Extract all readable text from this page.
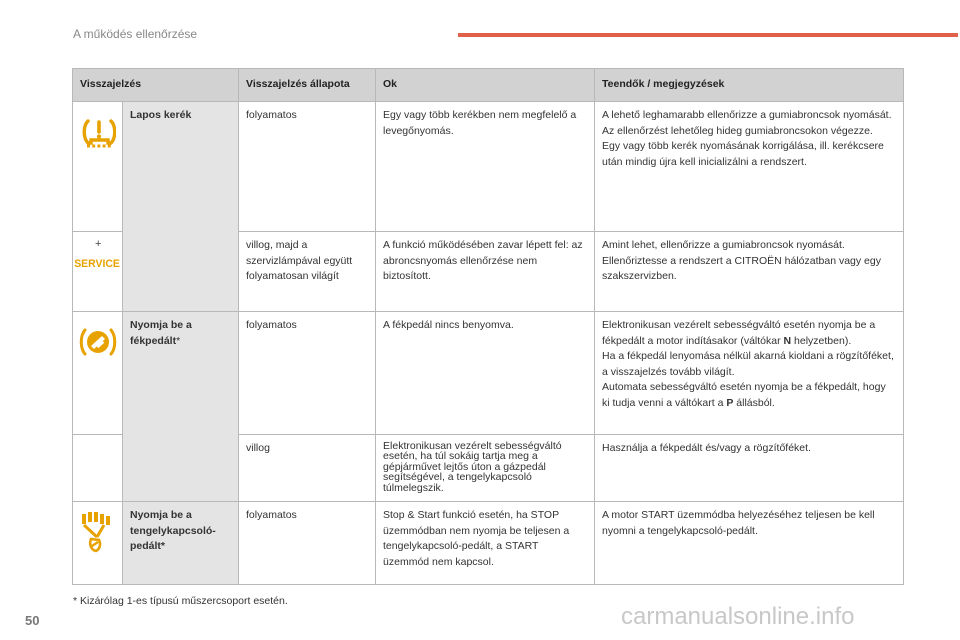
A működés ellenőrzése
Visszajelzés		Visszajelzés állapota	Ok	Teendők / megjegyzések

	Lapos kerék	folyamatos	Egy vagy több kerékben nem megfelelő a levegőnyomás.	A lehető leghamarabb ellenőrizze a gumiabroncsok nyomását.
Az ellenőrzést lehetőleg hideg gumiabroncsokon végezze.
Egy vagy több kerék nyomásának korrigálása, ill. kerékcsere után mindig újra kell inicializálni a rendszert.

+
SERVICE		villog, majd a szervizlámpával együtt folyamatosan világít	A funkció működésében zavar lépett fel: az abroncsnyomás ellenőrzése nem biztosított.	Amint lehet, ellenőrizze a gumiabroncsok nyomását.
Ellenőriztesse a rendszert a CITROËN hálózatban vagy egy szakszervizben.

	Nyomja be a fékpedált*	folyamatos	A fékpedál nincs benyomva.	Elektronikusan vezérelt sebességváltó esetén nyomja be a fékpedált a motor indításakor (váltókar N helyzetben).
Ha a fékpedál lenyomása nélkül akarná kioldani a rögzítőféket, a visszajelzés tovább világít.
Automata sebességváltó esetén nyomja be a fékpedált, hogy ki tudja venni a váltókart a P állásból.
		villog	Elektronikusan vezérelt sebességváltó esetén, ha túl sokáig tartja meg a gépjárművet lejtős úton a gázpedál segítségével, a tengelykapcsoló túlmelegszik.	Használja a fékpedált és/vagy a rögzítőféket.

	Nyomja be a tengelykapcsoló-pedált*	folyamatos	Stop & Start funkció esetén, ha STOP üzemmódban nem nyomja be teljesen a tengelykapcsoló-pedált, a START üzemmód nem kapcsol.	A motor START üzemmódba helyezéséhez teljesen be kell nyomni a tengelykapcsoló-pedált.
* Kizárólag 1-es típusú műszercsoport esetén.
50	carmanualsonline.info
